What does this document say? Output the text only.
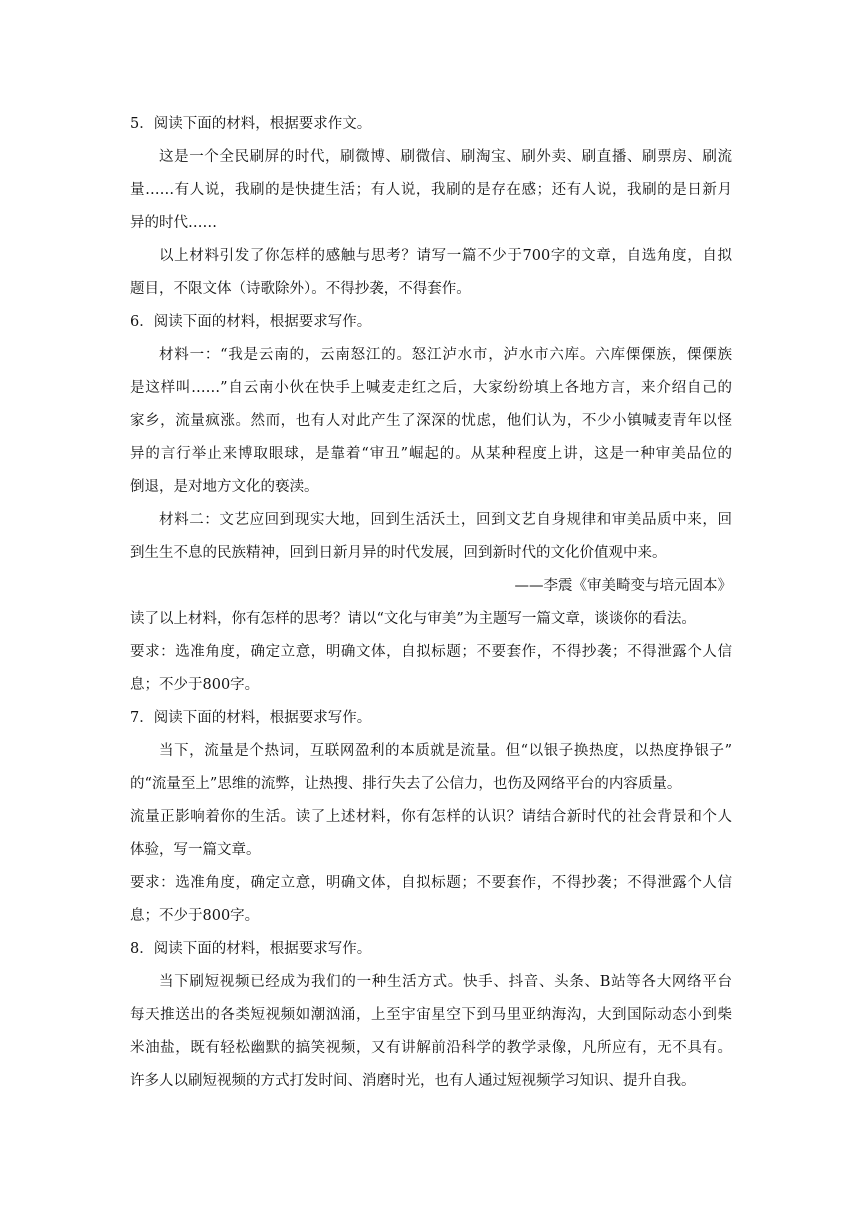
5．阅读下面的材料，根据要求作文。
这是一个全民刷屏的时代，刷微博、刷微信、刷淘宝、刷外卖、刷直播、刷票房、刷流
量……有人说，我刷的是快捷生活；有人说，我刷的是存在感；还有人说，我刷的是日新月
异的时代……
以上材料引发了你怎样的感触与思考？请写一篇不少于700字的文章，自选角度，自拟
题目，不限文体（诗歌除外）。不得抄袭，不得套作。
6．阅读下面的材料，根据要求写作。
材料一：“我是云南的，云南怒江的。怒江泸水市，泸水市六库。六库傈傈族，傈傈族
是这样叫……”自云南小伙在快手上喊麦走红之后，大家纷纷填上各地方言，来介绍自己的
家乡，流量疯涨。然而，也有人对此产生了深深的忧虑，他们认为，不少小镇喊麦青年以怪
异的言行举止来博取眼球，是靠着“审丑”崛起的。从某种程度上讲，这是一种审美品位的
倒退，是对地方文化的亵渎。
材料二：文艺应回到现实大地，回到生活沃土，回到文艺自身规律和审美品质中来，回
到生生不息的民族精神，回到日新月异的时代发展，回到新时代的文化价值观中来。
——李震《审美畸变与培元固本》
读了以上材料，你有怎样的思考？请以“文化与审美”为主题写一篇文章，谈谈你的看法。
要求：选准角度，确定立意，明确文体，自拟标题；不要套作，不得抄袭；不得泄露个人信
息；不少于800字。
7．阅读下面的材料，根据要求写作。
当下，流量是个热词，互联网盈利的本质就是流量。但“以银子换热度，以热度挣银子”
的“流量至上”思维的流弊，让热搜、排行失去了公信力，也伤及网络平台的内容质量。
流量正影响着你的生活。读了上述材料，你有怎样的认识？请结合新时代的社会背景和个人
体验，写一篇文章。
要求：选准角度，确定立意，明确文体，自拟标题；不要套作，不得抄袭；不得泄露个人信
息；不少于800字。
8．阅读下面的材料，根据要求写作。
当下刷短视频已经成为我们的一种生活方式。快手、抖音、头条、B站等各大网络平台
每天推送出的各类短视频如潮汹涌，上至宇宙星空下到马里亚纳海沟，大到国际动态小到柴
米油盐，既有轻松幽默的搞笑视频，又有讲解前沿科学的教学录像，凡所应有，无不具有。
许多人以刷短视频的方式打发时间、消磨时光，也有人通过短视频学习知识、提升自我。
